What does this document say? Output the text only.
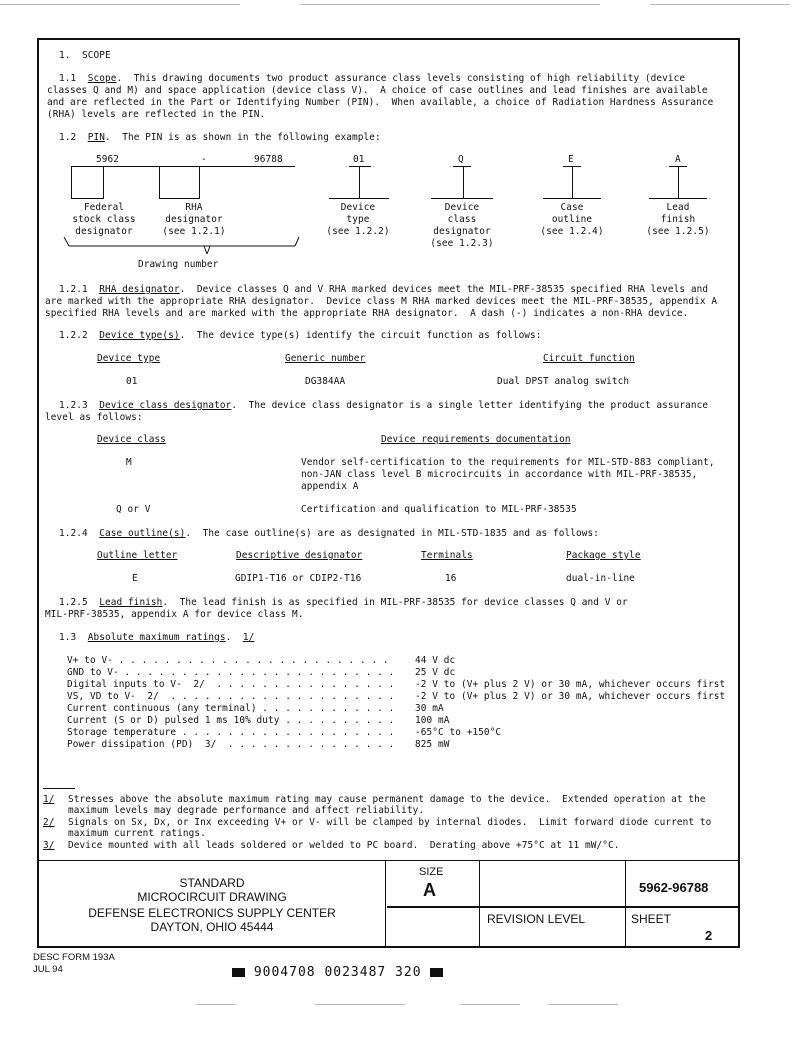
1.  SCOPE
1.1 Scope.  This drawing documents two product assurance class levels consisting of high reliability (device
classes Q and M) and space application (device class V).  A choice of case outlines and lead finishes are available
and are reflected in the Part or Identifying Number (PIN).  When available, a choice of Radiation Hardness Assurance
(RHA) levels are reflected in the PIN.
1.2 PIN.  The PIN is as shown in the following example:
5962	-	96788	01	Q	E	A
Federal
stock class
designator
RHA
designator
(see 1.2.1)
Device
type
(see 1.2.2)
Device
class
designator
(see 1.2.3)
Case
outline
(see 1.2.4)
Lead
finish
(see 1.2.5)
Drawing number
1.2.1 RHA designator.  Device classes Q and V RHA marked devices meet the MIL-PRF-38535 specified RHA levels and
are marked with the appropriate RHA designator.  Device class M RHA marked devices meet the MIL-PRF-38535, appendix A
specified RHA levels and are marked with the appropriate RHA designator.  A dash (-) indicates a non-RHA device.
1.2.2 Device type(s).  The device type(s) identify the circuit function as follows:
Device type	Generic number	Circuit function
01	DG384AA	Dual DPST analog switch
1.2.3 Device class designator.  The device class designator is a single letter identifying the product assurance
level as follows:
Device class	Device requirements documentation
M	Vendor self-certification to the requirements for MIL-STD-883 compliant,
non-JAN class level B microcircuits in accordance with MIL-PRF-38535,
appendix A
Q or V	Certification and qualification to MIL-PRF-38535
1.2.4 Case outline(s).  The case outline(s) are as designated in MIL-STD-1835 and as follows:
Outline letter	Descriptive designator	Terminals	Package style
E	GDIP1-T16 or CDIP2-T16	16	dual-in-line
1.2.5 Lead finish.  The lead finish is as specified in MIL-PRF-38535 for device classes Q and V or
MIL-PRF-38535, appendix A for device class M.
1.3 Absolute maximum ratings.  1/
V+ to V- . . . . . . . . . . . . . . . . . . . . . . . .	44 V dc
GND to V- . . . . . . . . . . . . . . . . . . . . . . . . 25 V dc
Digital inputs to V-  2/  . . . . . . . . . . . . . . . . -2 V to (V+ plus 2 V) or 30 mA, whichever occurs first
VS, VD to V-  2/  . . . . . . . . . . . . . . . . . . . . -2 V to (V+ plus 2 V) or 30 mA, whichever occurs first
Current continuous (any terminal) . . . . . . . . . . . . 30 mA
Current (S or D) pulsed 1 ms 10% duty . . . . . . . . . . 100 mA
Storage temperature . . . . . . . . . . . . . . . . . . . -65°C to +150°C
Power dissipation (PD)  3/  . . . . . . . . . . . . . . . 825 mW
1/ Stresses above the absolute maximum rating may cause permanent damage to the device.  Extended operation at the
maximum levels may degrade performance and affect reliability.
2/ Signals on Sx, Dx, or Inx exceeding V+ or V- will be clamped by internal diodes.  Limit forward diode current to
maximum current ratings.
3/ Device mounted with all leads soldered or welded to PC board.  Derating above +75°C at 11 mW/°C.
STANDARD
MICROCIRCUIT DRAWING
DEFENSE ELECTRONICS SUPPLY CENTER
DAYTON, OHIO 45444
SIZE
A	5962-96788
REVISION LEVEL	SHEET
2
DESC FORM 193A
JUL 94	9004708 0023487 320
